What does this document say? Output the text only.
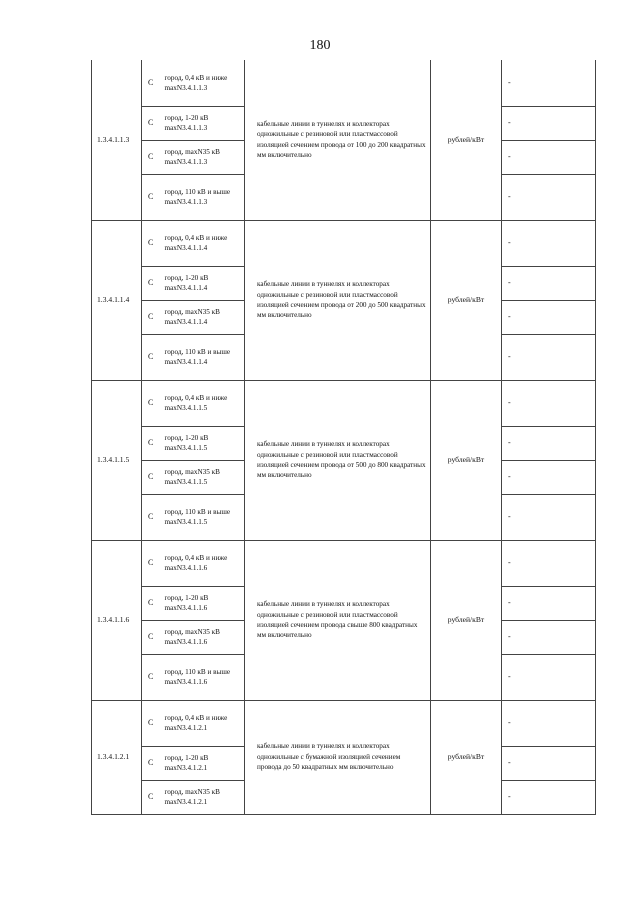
180
1.3.4.1.1.3	С	город, 0,4 кВ и ниже maxN3.4.1.1.3	кабельные линии в туннелях и коллекторах одножильные с резиновой или пластмассовой изоляцией сечением провода от 100 до 200 квадратных мм включительно	рублей/кВт	-
	С	город, 1-20 кВ maxN3.4.1.1.3			-
	С	город, maxN35 кВ maxN3.4.1.1.3			-
	С	город, 110 кВ и выше maxN3.4.1.1.3			-
1.3.4.1.1.4	С	город, 0,4 кВ и ниже maxN3.4.1.1.4	кабельные линии в туннелях и коллекторах одножильные с резиновой или пластмассовой изоляцией сечением провода от 200 до 500 квадратных мм включительно	рублей/кВт	-
	С	город, 1-20 кВ maxN3.4.1.1.4			-
	С	город, maxN35 кВ maxN3.4.1.1.4			-
	С	город, 110 кВ и выше maxN3.4.1.1.4			-
1.3.4.1.1.5	С	город, 0,4 кВ и ниже maxN3.4.1.1.5	кабельные линии в туннелях и коллекторах одножильные с резиновой или пластмассовой изоляцией сечением провода от 500 до 800 квадратных мм включительно	рублей/кВт	-
	С	город, 1-20 кВ maxN3.4.1.1.5			-
	С	город, maxN35 кВ maxN3.4.1.1.5			-
	С	город, 110 кВ и выше maxN3.4.1.1.5			-
1.3.4.1.1.6	С	город, 0,4 кВ и ниже maxN3.4.1.1.6	кабельные линии в туннелях и коллекторах одножильные с резиновой или пластмассовой изоляцией сечением провода свыше 800 квадратных мм включительно	рублей/кВт	-
	С	город, 1-20 кВ maxN3.4.1.1.6			-
	С	город, maxN35 кВ maxN3.4.1.1.6			-
	С	город, 110 кВ и выше maxN3.4.1.1.6			-
1.3.4.1.2.1	С	город, 0,4 кВ и ниже maxN3.4.1.2.1	кабельные линии в туннелях и коллекторах одножильные с бумажной изоляцией сечением провода до 50 квадратных мм включительно	рублей/кВт	-
	С	город, 1-20 кВ maxN3.4.1.2.1			-
	С	город, maxN35 кВ maxN3.4.1.2.1			-
